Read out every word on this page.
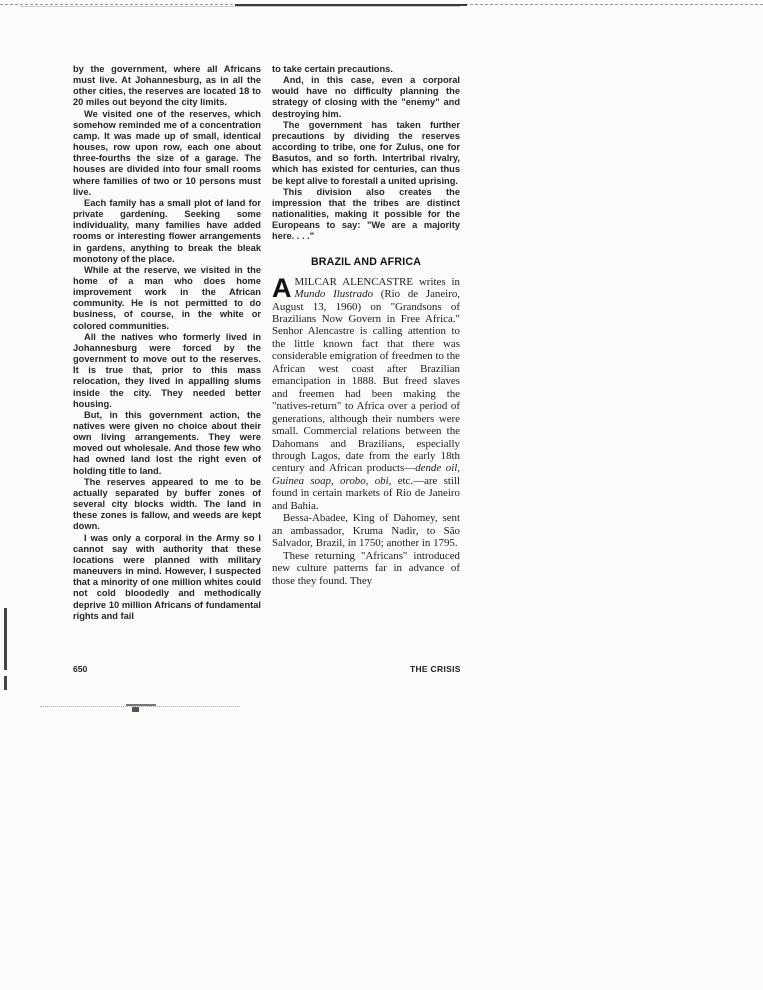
by the government, where all Africans must live. At Johannesburg, as in all the other cities, the reserves are located 18 to 20 miles out beyond the city limits.

We visited one of the reserves, which somehow reminded me of a concentration camp. It was made up of small, identical houses, row upon row, each one about three-fourths the size of a garage. The houses are divided into four small rooms where families of two or 10 persons must live.

Each family has a small plot of land for private gardening. Seeking some individuality, many families have added rooms or interesting flower arrangements in gardens, anything to break the bleak monotony of the place.

While at the reserve, we visited in the home of a man who does home improvement work in the African community. He is not permitted to do business, of course, in the white or colored communities.

All the natives who formerly lived in Johannesburg were forced by the government to move out to the reserves. It is true that, prior to this mass relocation, they lived in appalling slums inside the city. They needed better housing.

But, in this government action, the natives were given no choice about their own living arrangements. They were moved out wholesale. And those few who had owned land lost the right even of holding title to land.

The reserves appeared to me to be actually separated by buffer zones of several city blocks width. The land in these zones is fallow, and weeds are kept down.

I was only a corporal in the Army so I cannot say with authority that these locations were planned with military maneuvers in mind. However, I suspected that a minority of one million whites could not cold bloodedly and methodically deprive 10 million Africans of fundamental rights and fail

to take certain precautions.

And, in this case, even a corporal would have no difficulty planning the strategy of closing with the "enemy" and destroying him.

The government has taken further precautions by dividing the reserves according to tribe, one for Zulus, one for Basutos, and so forth. Intertribal rivalry, which has existed for centuries, can thus be kept alive to forestall a united uprising.

This division also creates the impression that the tribes are distinct nationalities, making it possible for the Europeans to say: "We are a majority here. . . ."

BRAZIL AND AFRICA

AMILCAR ALENCASTRE writes in Mundo Ilustrado (Rio de Janeiro, August 13, 1960) on "Grandsons of Brazilians Now Govern in Free Africa." Senhor Alencastre is calling attention to the little known fact that there was considerable emigration of freedmen to the African west coast after Brazilian emancipation in 1888. But freed slaves and freemen had been making the "natives-return" to Africa over a period of generations, although their numbers were small. Commercial relations between the Dahomans and Brazilians, especially through Lagos, date from the early 18th century and African products—dende oil, Guinea soap, orobo, obi, etc.—are still found in certain markets of Rio de Janeiro and Bahia.

Bessa-Abadee, King of Dahomey, sent an ambassador, Kruma Nadir, to São Salvador, Brazil, in 1750; another in 1795.

These returning "Africans" introduced new culture patterns far in advance of those they found. They

650	THE CRISIS
